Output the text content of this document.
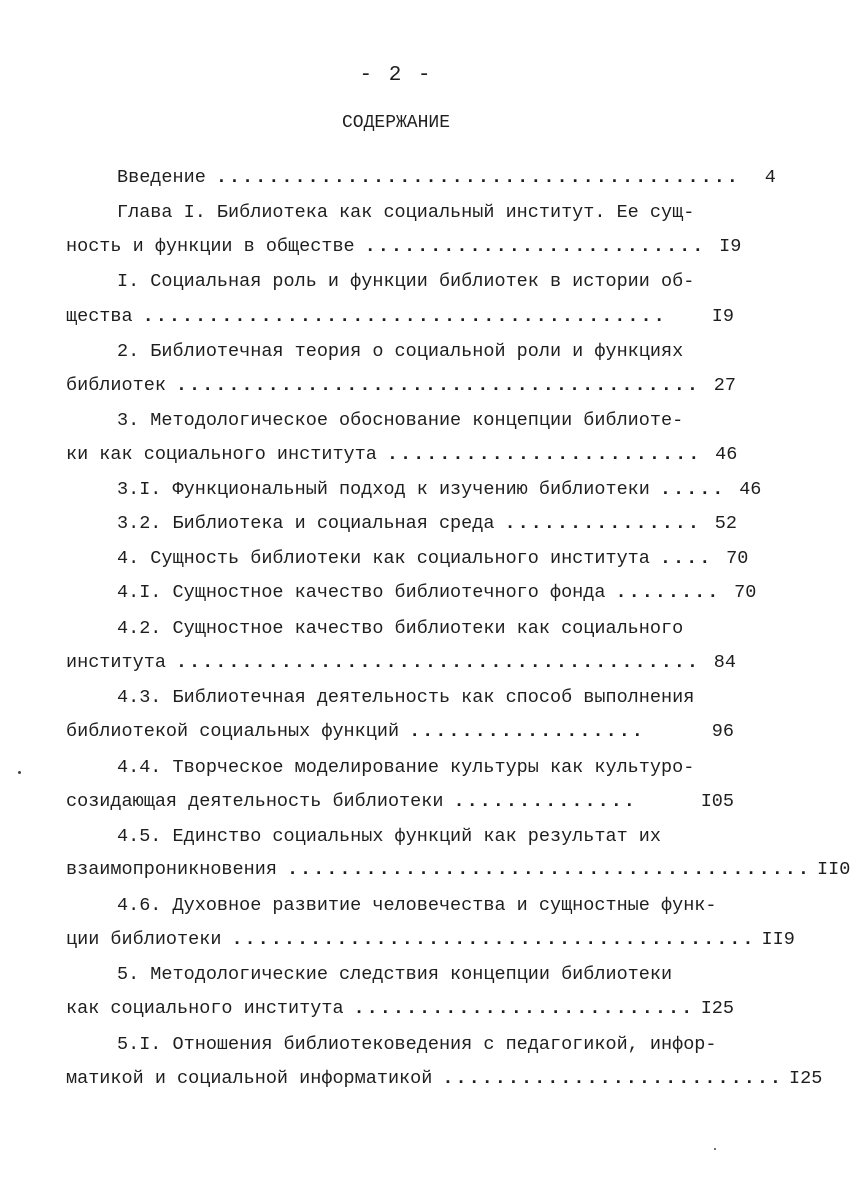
- 2 -
СОДЕРЖАНИЕ
Введение ........................................	4
Глава I. Библиотека как социальный институт. Ее сущ-
ность и функции в обществе .......................... I9
I. Социальная роль и функции библиотек в истории об-
щества ........................................	I9
2. Библиотечная теория о социальной роли и функциях
библиотек ........................................ 27
3. Методологическое обоснование концепции библиоте-
ки как социального института ........................ 46
3.I. Функциональный подход к изучению библиотеки ..... 46
3.2. Библиотека и социальная среда ............... 52
4. Сущность библиотеки как социального института .... 70
4.I. Сущностное качество библиотечного фонда ........ 70
4.2. Сущностное качество библиотеки как социального
института ........................................ 84
4.3. Библиотечная деятельность как способ выполнения
библиотекой социальных функций ..................	96
4.4. Творческое моделирование культуры как культуро-
созидающая деятельность библиотеки ..............	I05
4.5. Единство социальных функций как результат их
взаимопроникновения ........................................ II0
4.6. Духовное развитие человечества и сущностные функ-
ции библиотеки ........................................ II9
5. Методологические следствия концепции библиотеки
как социального института .......................... I25
5.I. Отношения библиотековедения с педагогикой, инфор-
матикой и социальной информатикой .......................... I25
